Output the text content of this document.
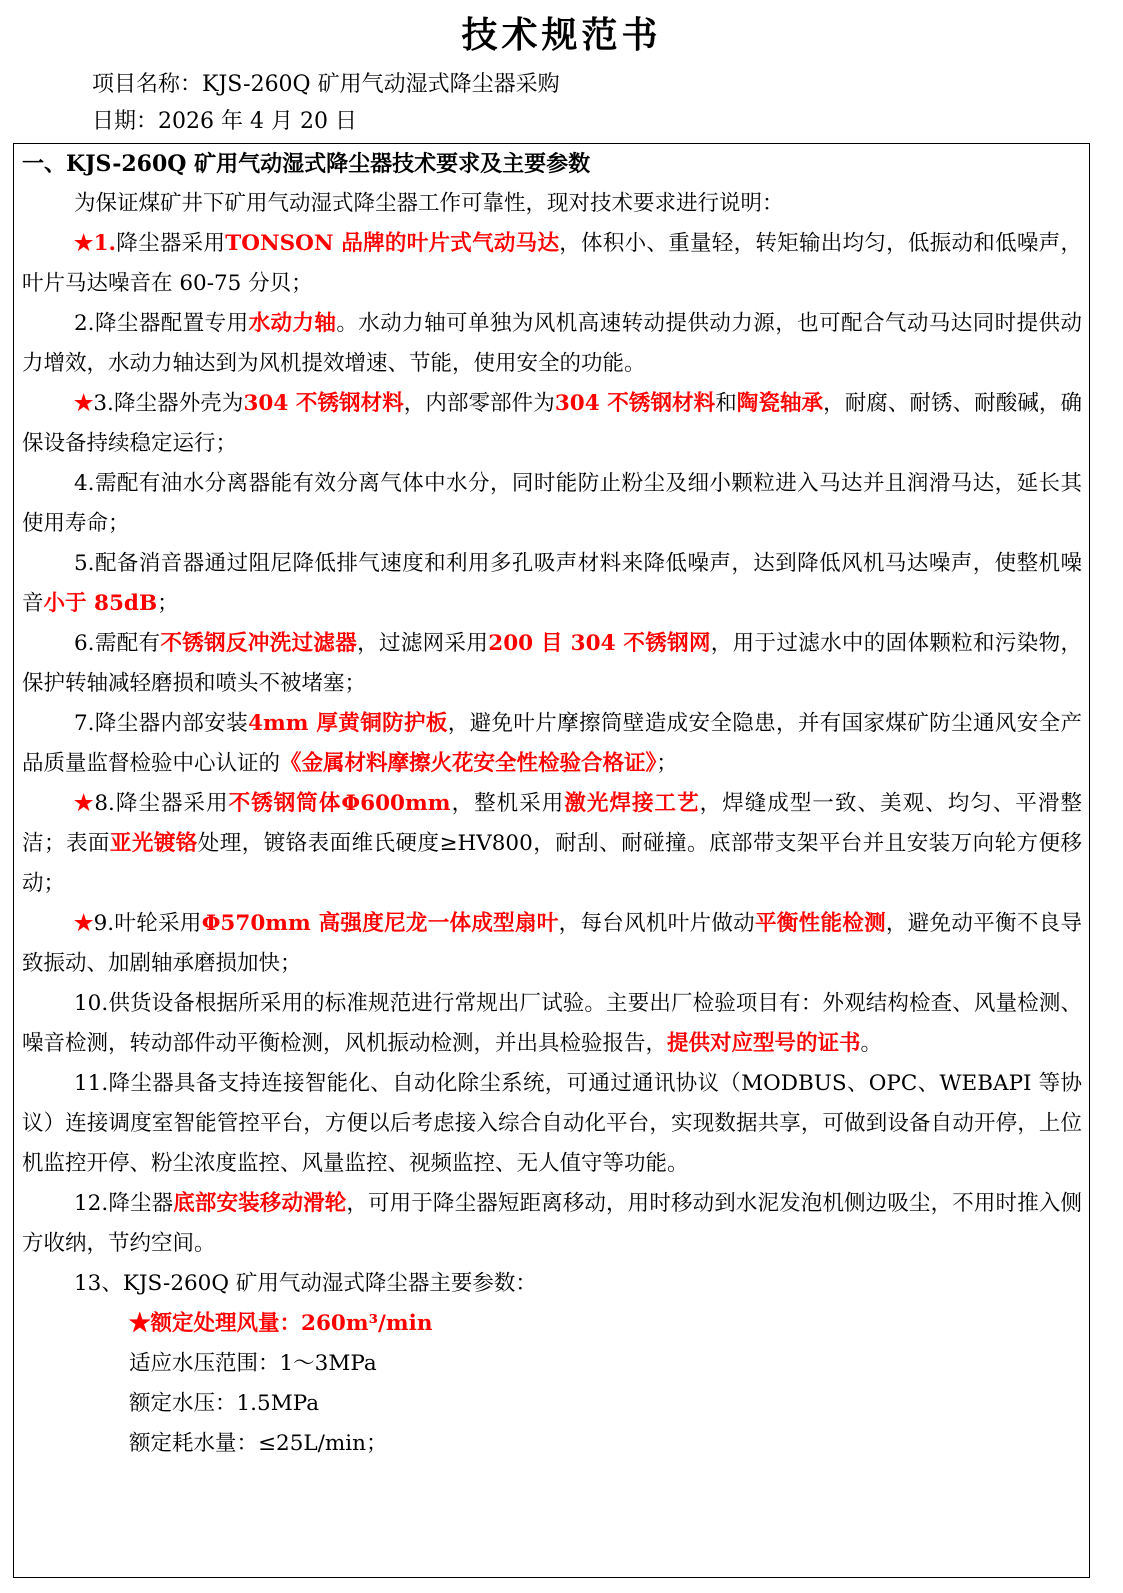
技术规范书
项目名称：KJS-260Q 矿用气动湿式降尘器采购
日期：2026 年 4 月 20 日
一、KJS-260Q 矿用气动湿式降尘器技术要求及主要参数

为保证煤矿井下矿用气动湿式降尘器工作可靠性，现对技术要求进行说明：

★1.降尘器采用TONSON 品牌的叶片式气动马达，体积小、重量轻，转矩输出均匀，低振动和低噪声，叶片马达噪音在 60-75 分贝；

2.降尘器配置专用水动力轴。水动力轴可单独为风机高速转动提供动力源，也可配合气动马达同时提供动力增效，水动力轴达到为风机提效增速、节能，使用安全的功能。

★3.降尘器外壳为304 不锈钢材料，内部零部件为304 不锈钢材料和陶瓷轴承，耐腐、耐锈、耐酸碱，确保设备持续稳定运行；

4.需配有油水分离器能有效分离气体中水分，同时能防止粉尘及细小颗粒进入马达并且润滑马达，延长其使用寿命；

5.配备消音器通过阻尼降低排气速度和利用多孔吸声材料来降低噪声，达到降低风机马达噪声，使整机噪音小于 85dB；

6.需配有不锈钢反冲洗过滤器，过滤网采用200 目 304 不锈钢网，用于过滤水中的固体颗粒和污染物，保护转轴减轻磨损和喷头不被堵塞；

7.降尘器内部安装4mm 厚黄铜防护板，避免叶片摩擦筒壁造成安全隐患，并有国家煤矿防尘通风安全产品质量监督检验中心认证的《金属材料摩擦火花安全性检验合格证》；

★8.降尘器采用不锈钢筒体Φ600mm，整机采用激光焊接工艺，焊缝成型一致、美观、均匀、平滑整洁；表面亚光镀铬处理，镀铬表面维氏硬度≥HV800，耐刮、耐碰撞。底部带支架平台并且安装万向轮方便移动；

★9.叶轮采用Φ570mm 高强度尼龙一体成型扇叶，每台风机叶片做动平衡性能检测，避免动平衡不良导致振动、加剧轴承磨损加快；

10.供货设备根据所采用的标准规范进行常规出厂试验。主要出厂检验项目有：外观结构检查、风量检测、噪音检测，转动部件动平衡检测，风机振动检测，并出具检验报告，提供对应型号的证书。

11.降尘器具备支持连接智能化、自动化除尘系统，可通过通讯协议（MODBUS、OPC、WEBAPI 等协议）连接调度室智能管控平台，方便以后考虑接入综合自动化平台，实现数据共享，可做到设备自动开停，上位机监控开停、粉尘浓度监控、风量监控、视频监控、无人值守等功能。

12.降尘器底部安装移动滑轮，可用于降尘器短距离移动，用时移动到水泥发泡机侧边吸尘，不用时推入侧方收纳，节约空间。

13、KJS-260Q 矿用气动湿式降尘器主要参数：

★额定处理风量：260m³/min

适应水压范围：1～3MPa

额定水压：1.5MPa

额定耗水量：≤25L/min；
